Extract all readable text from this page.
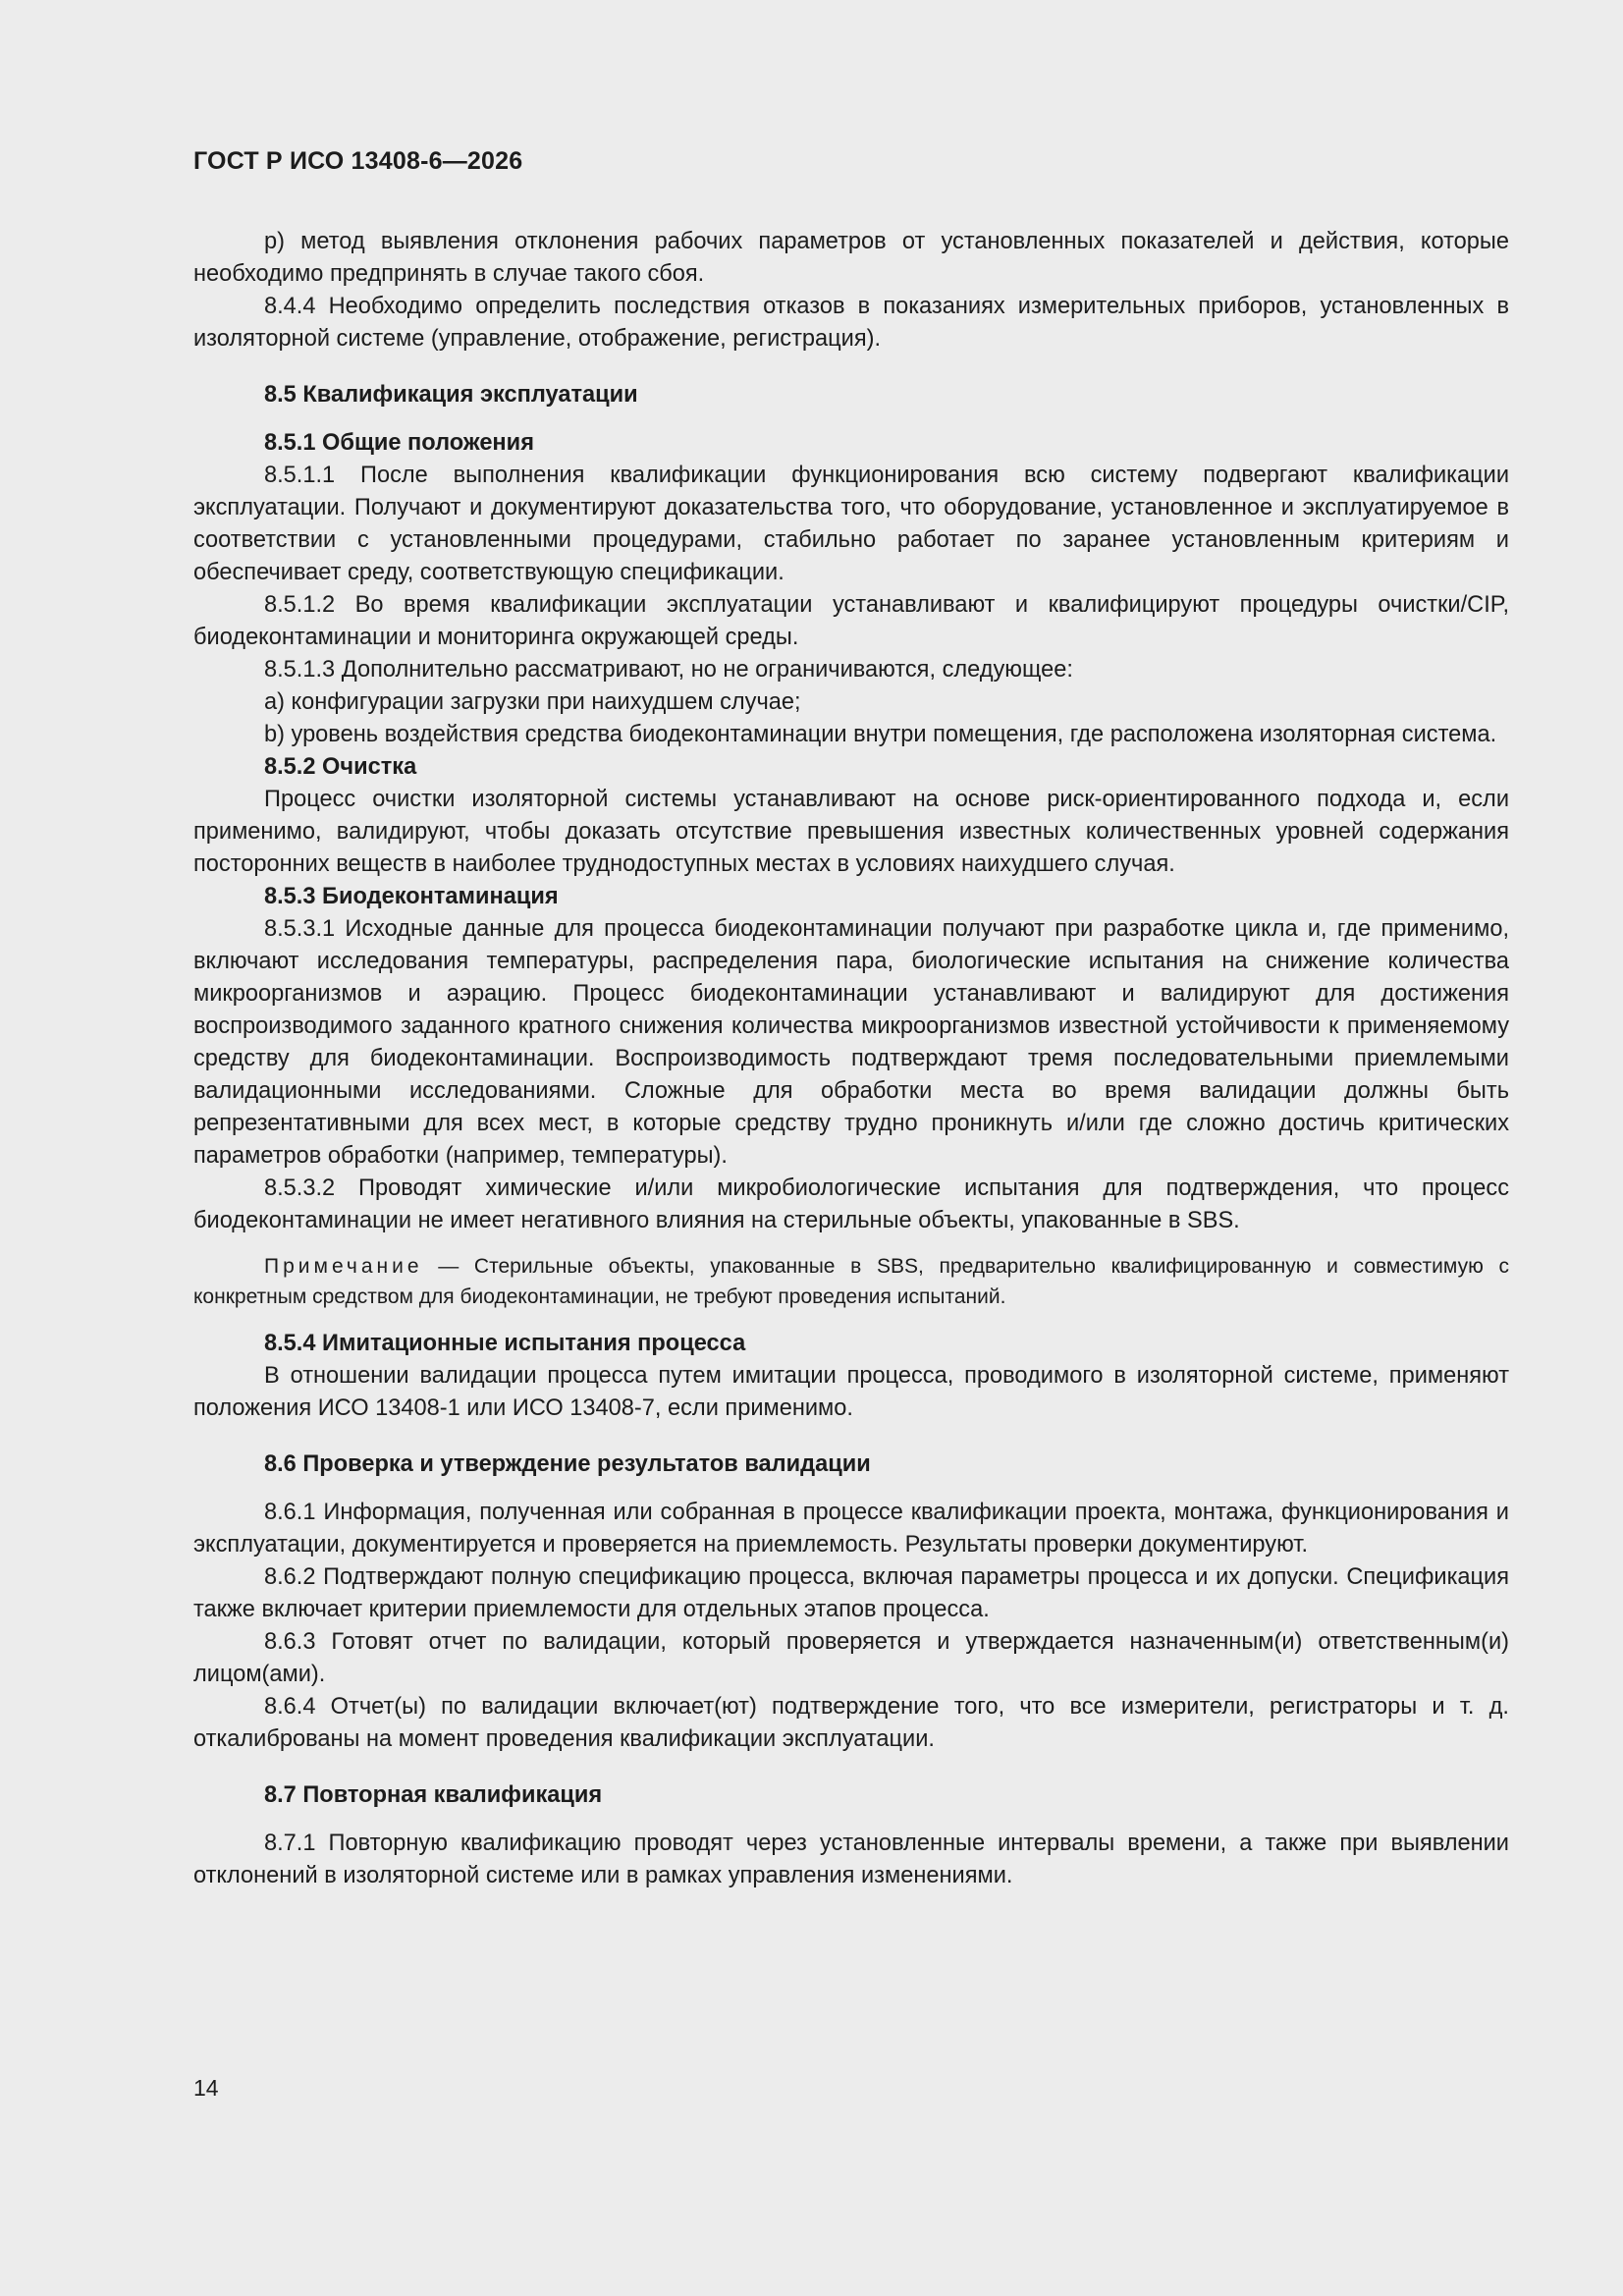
ГОСТ Р ИСО 13408-6—2026

р) метод выявления отклонения рабочих параметров от установленных показателей и действия, которые необходимо предпринять в случае такого сбоя.

8.4.4 Необходимо определить последствия отказов в показаниях измерительных приборов, установленных в изоляторной системе (управление, отображение, регистрация).

8.5 Квалификация эксплуатации

8.5.1 Общие положения

8.5.1.1 После выполнения квалификации функционирования всю систему подвергают квалификации эксплуатации. Получают и документируют доказательства того, что оборудование, установленное и эксплуатируемое в соответствии с установленными процедурами, стабильно работает по заранее установленным критериям и обеспечивает среду, соответствующую спецификации.

8.5.1.2 Во время квалификации эксплуатации устанавливают и квалифицируют процедуры очистки/CIP, биодеконтаминации и мониторинга окружающей среды.

8.5.1.3 Дополнительно рассматривают, но не ограничиваются, следующее:

а) конфигурации загрузки при наихудшем случае;

b) уровень воздействия средства биодеконтаминации внутри помещения, где расположена изоляторная система.

8.5.2 Очистка

Процесс очистки изоляторной системы устанавливают на основе риск-ориентированного подхода и, если применимо, валидируют, чтобы доказать отсутствие превышения известных количественных уровней содержания посторонних веществ в наиболее труднодоступных местах в условиях наихудшего случая.

8.5.3 Биодеконтаминация

8.5.3.1 Исходные данные для процесса биодеконтаминации получают при разработке цикла и, где применимо, включают исследования температуры, распределения пара, биологические испытания на снижение количества микроорганизмов и аэрацию. Процесс биодеконтаминации устанавливают и валидируют для достижения воспроизводимого заданного кратного снижения количества микроорганизмов известной устойчивости к применяемому средству для биодеконтаминации. Воспроизводимость подтверждают тремя последовательными приемлемыми валидационными исследованиями. Сложные для обработки места во время валидации должны быть репрезентативными для всех мест, в которые средству трудно проникнуть и/или где сложно достичь критических параметров обработки (например, температуры).

8.5.3.2 Проводят химические и/или микробиологические испытания для подтверждения, что процесс биодеконтаминации не имеет негативного влияния на стерильные объекты, упакованные в SBS.

Примечание — Стерильные объекты, упакованные в SBS, предварительно квалифицированную и совместимую с конкретным средством для биодеконтаминации, не требуют проведения испытаний.

8.5.4 Имитационные испытания процесса

В отношении валидации процесса путем имитации процесса, проводимого в изоляторной системе, применяют положения ИСО 13408-1 или ИСО 13408-7, если применимо.

8.6 Проверка и утверждение результатов валидации

8.6.1 Информация, полученная или собранная в процессе квалификации проекта, монтажа, функционирования и эксплуатации, документируется и проверяется на приемлемость. Результаты проверки документируют.

8.6.2 Подтверждают полную спецификацию процесса, включая параметры процесса и их допуски. Спецификация также включает критерии приемлемости для отдельных этапов процесса.

8.6.3 Готовят отчет по валидации, который проверяется и утверждается назначенным(и) ответственным(и) лицом(ами).

8.6.4 Отчет(ы) по валидации включает(ют) подтверждение того, что все измерители, регистраторы и т. д. откалиброваны на момент проведения квалификации эксплуатации.

8.7 Повторная квалификация

8.7.1 Повторную квалификацию проводят через установленные интервалы времени, а также при выявлении отклонений в изоляторной системе или в рамках управления изменениями.

14
